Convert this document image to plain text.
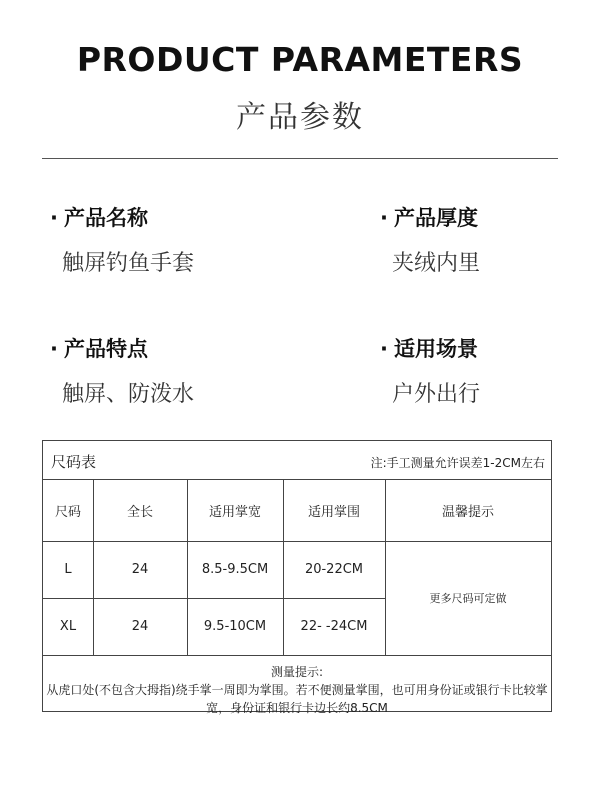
PRODUCT PARAMETERS
产品参数
· 产品名称
触屏钓鱼手套
· 产品厚度
夹绒内里
· 产品特点
触屏、防泼水
· 适用场景
户外出行
尺码表	注:手工测量允许误差1-2CM左右
尺码	全长	适用掌宽	适用掌围	温馨提示
L	24	8.5-9.5CM	20-22CM
XL	24	9.5-10CM	22- -24CM
更多尺码可定做
测量提示:
从虎口处(不包含大拇指)绕手掌一周即为掌围。若不便测量掌围，也可用身份证或银行卡比较掌宽，身份证和银行卡边长约8.5CM
